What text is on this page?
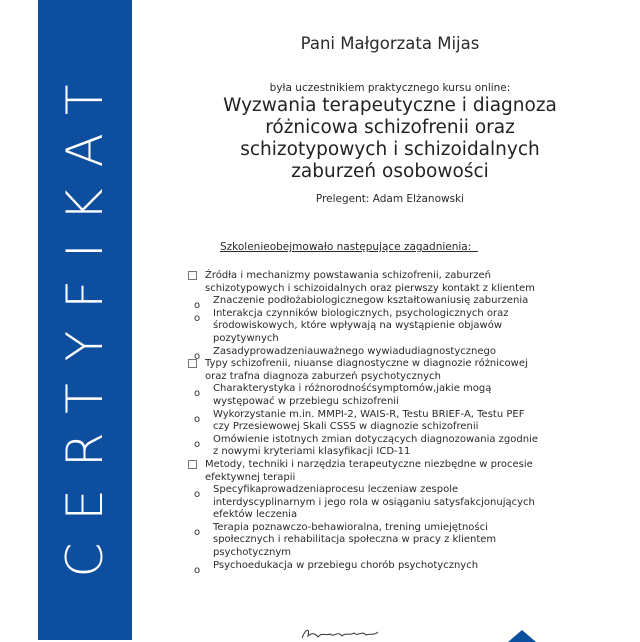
CERTYFIKAT
Pani Małgorzata Mijas
była uczestnikiem praktycznego kursu online:
Wyzwania terapeutyczne i diagnoza
różnicowa schizofrenii oraz
schizotypowych i schizoidalnych
zaburzeń osobowości
Prelegent: Adam Elżanowski
Szkolenieobejmowało następujące zagadnienia:
Źródła i mechanizmy powstawania schizofrenii, zaburzeń schizotypowych i schizoidalnych oraz pierwszy kontakt z klientem
o Znaczenie podłożabiologicznegow kształtowaniusię zaburzenia
o Interakcja czynników biologicznych, psychologicznych oraz środowiskowych, które wpływają na wystąpienie objawów pozytywnych
o Zasadyprowadzeniauważnego wywiadudiagnostycznego
Typy schizofrenii, niuanse diagnostyczne w diagnozie różnicowej oraz trafna diagnoza zaburzeń psychotycznych
o Charakterystyka i różnorodnośćsymptomów,jakie mogą występować w przebiegu schizofrenii
o Wykorzystanie m.in. MMPI-2, WAIS-R, Testu BRIEF-A, Testu PEF czy Przesiewowej Skali CSSS w diagnozie schizofrenii
o Omówienie istotnych zmian dotyczących diagnozowania zgodnie z nowymi kryteriami klasyfikacji ICD-11
Metody, techniki i narzędzia terapeutyczne niezbędne w procesie efektywnej terapii
o Specyfikaprowadzeniaprocesu leczeniaw zespole interdyscyplinarnym i jego rola w osiąganiu satysfakcjonujących efektów leczenia
o Terapia poznawczo-behawioralna, trening umiejętności społecznych i rehabilitacja społeczna w pracy z klientem psychotycznym
o Psychoedukacja w przebiegu chorób psychotycznych
